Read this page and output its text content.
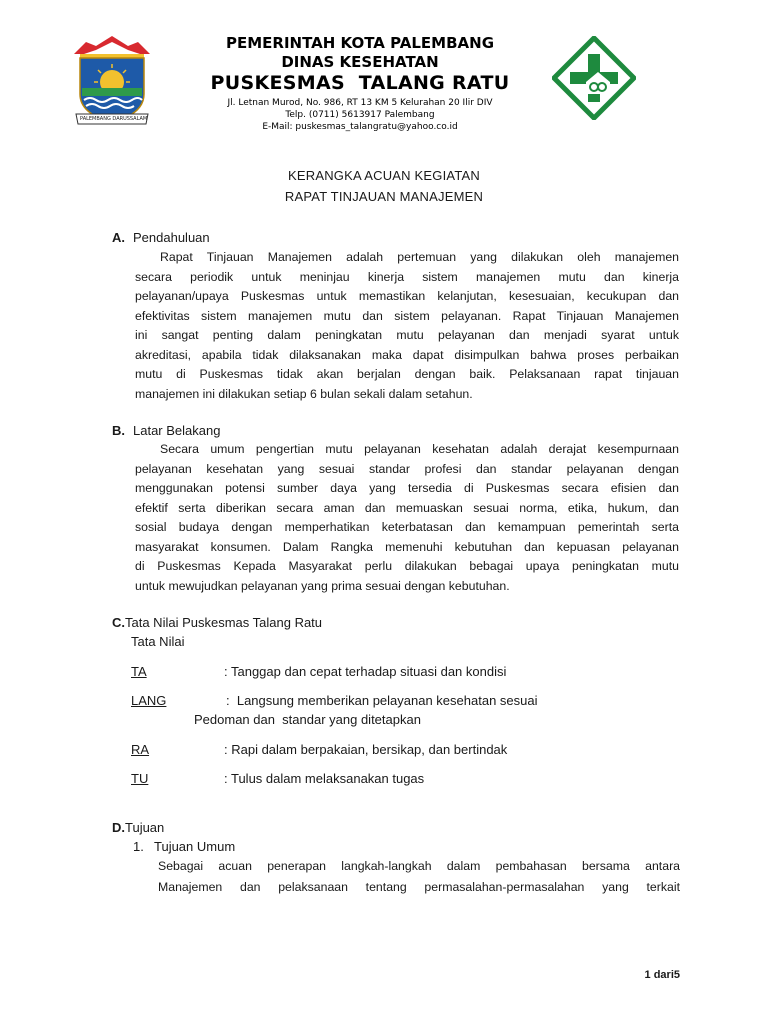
PALEMBANG DARUSSALAM
PEMERINTAH KOTA PALEMBANG
DINAS KESEHATAN
PUSKESMAS  TALANG RATU
Jl. Letnan Murod, No. 986, RT 13 KM 5 Kelurahan 20 Ilir DIV
Telp. (0711) 5613917 Palembang
E-Mail: puskesmas_talangratu@yahoo.co.id
KERANGKA ACUAN KEGIATAN
RAPAT TINJAUAN MANAJEMEN
A. Pendahuluan
Rapat Tinjauan Manajemen adalah pertemuan yang dilakukan oleh manajemen
secara periodik untuk meninjau kinerja sistem manajemen mutu dan kinerja
pelayanan/upaya Puskesmas untuk memastikan kelanjutan, kesesuaian, kecukupan dan
efektivitas sistem manajemen mutu dan sistem pelayanan. Rapat Tinjauan Manajemen
ini sangat penting dalam peningkatan mutu pelayanan dan menjadi syarat untuk
akreditasi, apabila tidak dilaksanakan maka dapat disimpulkan bahwa proses perbaikan
mutu di Puskesmas tidak akan berjalan dengan baik. Pelaksanaan rapat tinjauan
manajemen ini dilakukan setiap 6 bulan sekali dalam setahun.
B. Latar Belakang
Secara umum pengertian mutu pelayanan kesehatan adalah derajat kesempurnaan
pelayanan kesehatan yang sesuai standar profesi dan standar pelayanan dengan
menggunakan potensi sumber daya yang tersedia di Puskesmas secara efisien dan
efektif serta diberikan secara aman dan memuaskan sesuai norma, etika, hukum, dan
sosial budaya dengan memperhatikan keterbatasan dan kemampuan pemerintah serta
masyarakat konsumen. Dalam Rangka memenuhi kebutuhan dan kepuasan pelayanan
di Puskesmas Kepada Masyarakat perlu dilakukan bebagai upaya peningkatan mutu
untuk mewujudkan pelayanan yang prima sesuai dengan kebutuhan.
C.Tata Nilai Puskesmas Talang Ratu
Tata Nilai
TA	: Tanggap dan cepat terhadap situasi dan kondisi
LANG	:  Langsung memberikan pelayanan kesehatan sesuai
Pedoman dan  standar yang ditetapkan
RA	: Rapi dalam berpakaian, bersikap, dan bertindak
TU	: Tulus dalam melaksanakan tugas
D.Tujuan
1. Tujuan Umum
Sebagai acuan penerapan langkah-langkah dalam pembahasan bersama antara
Manajemen dan pelaksanaan tentang permasalahan-permasalahan yang terkait
1 dari5
